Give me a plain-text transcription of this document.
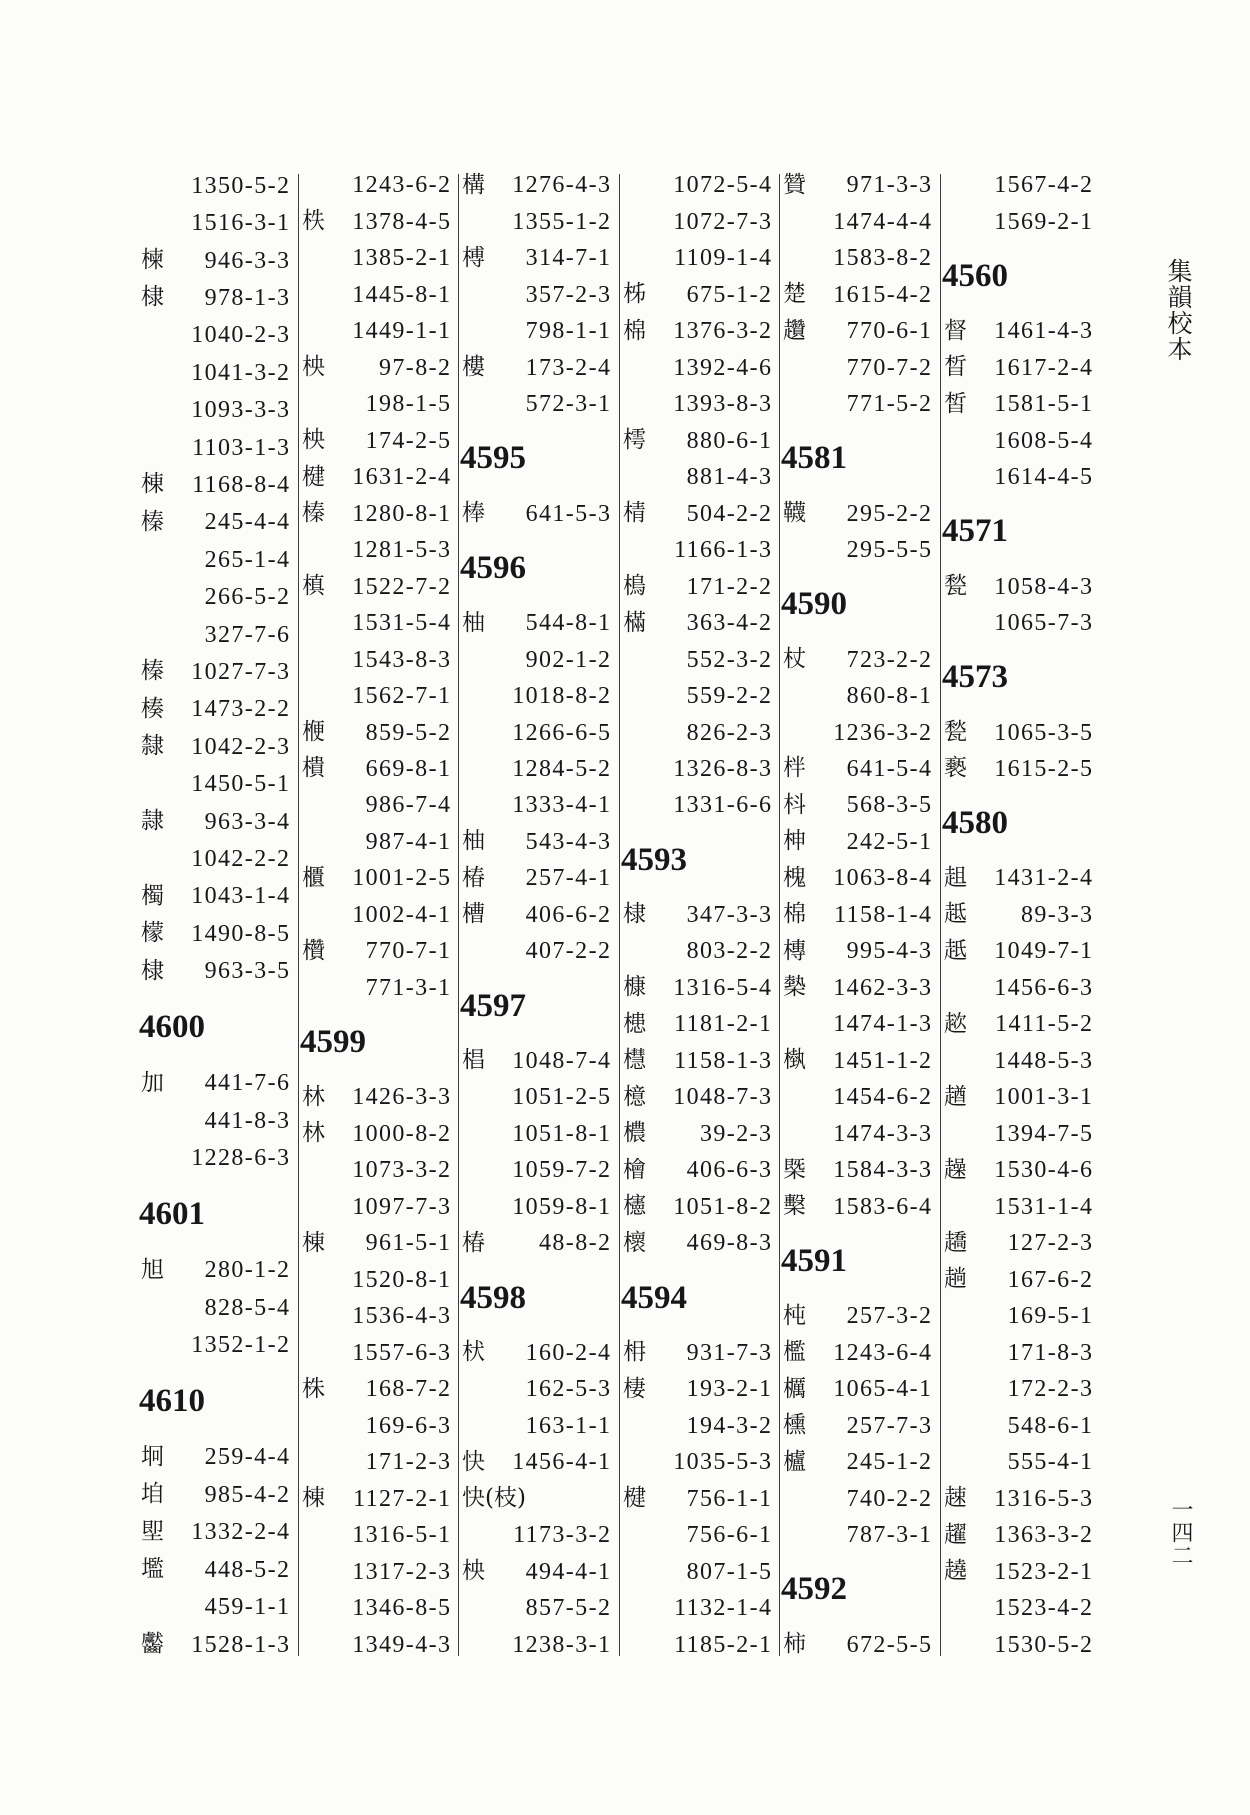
1567-4-2
1569-2-1
4560
督 1461-4-3
晳 1617-2-4
皙 1581-5-1
1608-5-4
1614-4-5
4571
甃 1058-4-3
1065-7-3
4573
甃 1065-3-5
褻 1615-2-5
4580
趄 1431-2-4
趆 89-3-3
赿 1049-7-1
1456-6-3
趑 1411-5-2
1448-5-3
趥 1001-3-1
1394-7-5
趮 1530-4-6
1531-1-4
趫 127-2-3
趟 167-6-2
169-5-1
171-8-3
172-2-3
548-6-1
555-4-1
趚 1316-5-3
趯 1363-3-2
趬 1523-2-1
1523-4-2
1530-5-2
贊 971-3-3
1474-4-4
1583-8-2
楚 1615-4-2
趲 770-6-1
770-7-2
771-5-2
4581
韈 295-2-2
295-5-5
4590
杖 723-2-2
860-8-1
1236-3-2
柈 641-5-4
枓 568-3-5
柛 242-5-1
槐 1063-8-4
棉 1158-1-4
槫 995-4-3
槷 1462-3-3
1474-1-3
槸 1451-1-2
1454-6-2
1474-3-3
槩 1584-3-3
檕 1583-6-4
4591
杶 257-3-2
檻 1243-6-4
櫔 1065-4-1
櫄 257-7-3
櫨 245-1-2
740-2-2
787-3-1
4592
柿 672-5-5
1072-5-4
1072-7-3
1109-1-4
柹 675-1-2
棉 1376-3-2
1392-4-6
1393-8-3
樗 880-6-1
881-4-3
棈 504-2-2
1166-1-3
樢 171-2-2
樠 363-4-2
552-3-2
559-2-2
826-2-3
1326-8-3
1331-6-6
4593
棣 347-3-3
803-2-2
槺 1316-5-4
槵 1181-2-1
櫘 1158-1-3
檍 1048-7-3
檂 39-2-3
檜 406-6-3
櫶 1051-8-2
櫰 469-8-3
4594
枏 931-7-3
棲 193-2-1
194-3-2
1035-5-3
楗 756-1-1
756-6-1
807-1-5
1132-1-4
1185-2-1
構 1276-4-3
1355-1-2
榑 314-7-1
357-2-3
798-1-1
樓 173-2-4
572-3-1
4595
棒 641-5-3
4596
柚 544-8-1
902-1-2
1018-8-2
1266-6-5
1284-5-2
1333-4-1
柚 543-4-3
椿 257-4-1
槽 406-6-2
407-2-2
4597
椙 1048-7-4
1051-2-5
1051-8-1
1059-7-2
1059-8-1
椿 48-8-2
4598
枤 160-2-4
162-5-3
163-1-1
快 1456-4-1
快(枝)
1173-3-2
柍 494-4-1
857-5-2
1238-3-1
1243-6-2
柣 1378-4-5
1385-2-1
1445-8-1
1449-1-1
柍 97-8-2
198-1-5
柍 174-2-5
楗 1631-2-4
榛 1280-8-1
1281-5-3
槙 1522-7-2
1531-5-4
1543-8-3
1562-7-1
楩 859-5-2
樻 669-8-1
986-7-4
987-4-1
櫃 1001-2-5
1002-4-1
欑 770-7-1
771-3-1
4599
林 1426-3-3
林 1000-8-2
1073-3-2
1097-7-3
棟 961-5-1
1520-8-1
1536-4-3
1557-6-3
株 168-7-2
169-6-3
171-2-3
棟 1127-2-1
1316-5-1
1317-2-3
1346-8-5
1349-4-3
1350-5-2
1516-3-1
楝 946-3-3
棣 978-1-3
1040-2-3
1041-3-2
1093-3-3
1103-1-3
棟 1168-8-4
榛 245-4-4
265-1-4
266-5-2
327-7-6
榛 1027-7-3
楱 1473-2-2
隸 1042-2-3
1450-5-1
隷 963-3-4
1042-2-2
㯮 1043-1-4
檬 1490-8-5
棣 963-3-5
4600
加 441-7-6
441-8-3
1228-6-3
4601
旭 280-1-2
828-5-4
1352-1-2
4610
坰 259-4-4
垍 985-4-2
堲 1332-2-4
壏 448-5-2
459-1-1
齾 1528-1-3
集韻校本
一四二
